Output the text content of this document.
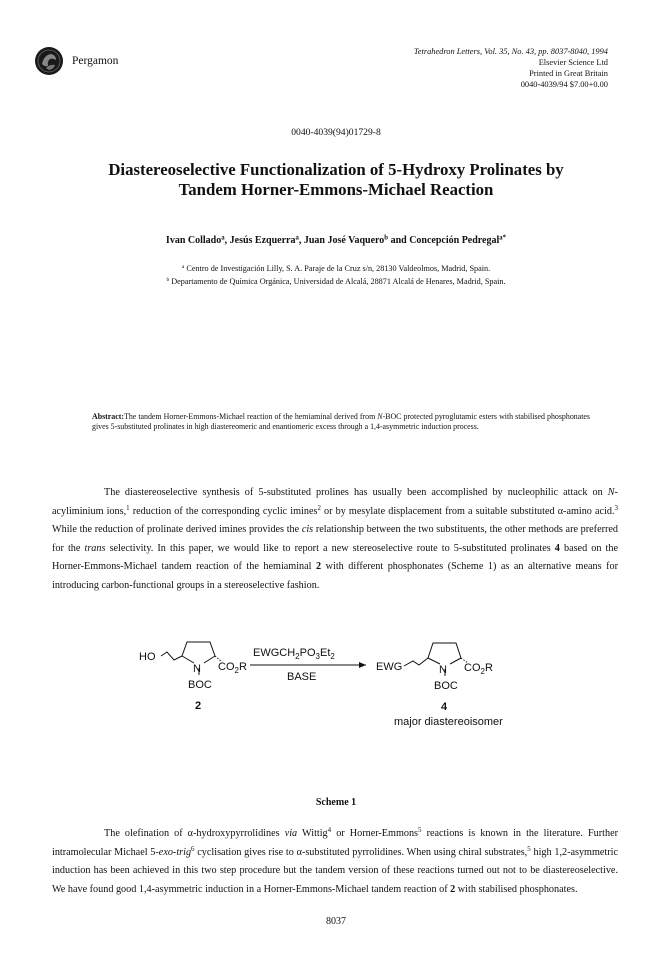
Pergamon
Tetrahedron Letters, Vol. 35, No. 43, pp. 8037-8040, 1994
Elsevier Science Ltd
Printed in Great Britain
0040-4039/94 $7.00+0.00
0040-4039(94)01729-8
Diastereoselective Functionalization of 5-Hydroxy Prolinates by
Tandem Horner-Emmons-Michael Reaction
Ivan Collado$^a$, Jesús Ezquerra$^a$, Juan José Vaquero$^b$ and Concepción Pedregal$^{a*}$
$^a$ Centro de Investigación Lilly, S. A. Paraje de la Cruz s/n, 28130 Valdeolmos, Madrid, Spain.
$^b$ Departamento de Química Orgánica, Universidad de Alcalá, 28871 Alcalá de Henares, Madrid, Spain.
Abstract:The tandem Horner-Emmons-Michael reaction of the hemiaminal derived from N-BOC protected pyroglutamic esters with stabilised phosphonates gives 5-substituted prolinates in high diastereomeric and enantiomeric excess through a 1,4-asymmetric induction process.

The diastereoselective synthesis of 5-substituted prolines has usually been accomplished by nucleophilic attack on N-acyliminium ions,$^1$ reduction of the corresponding cyclic imines$^2$ or by mesylate displacement from a suitable substituted α-amino acid.$^3$ While the reduction of prolinate derived imines provides the cis relationship between the two substituents, the other methods are preferred for the trans selectivity. In this paper, we would like to report a new stereoselective route to 5-substituted prolinates 4 based on the Horner-Emmons-Michael tandem reaction of the hemiaminal 2 with different phosphonates (Scheme 1) as an alternative means for introducing carbon-functional groups in a stereoselective fashion.

HO
N $CO_2R$
BOC
2
$EWGCH_2PO_3Et_2$
BASE
EWG	N $CO_2R$
BOC
4
major diastereoisomer
Scheme 1

The olefination of α-hydroxypyrrolidines via Wittig$^4$ or Horner-Emmons$^5$ reactions is known in the literature. Further intramolecular Michael 5-exo-trig$^6$ cyclisation gives rise to α-substituted pyrrolidines. When using chiral substrates,$^5$ high 1,2-asymmetric induction has been achieved in this two step procedure but the tandem version of these reactions turned out not to be diastereoselective. We have found good 1,4-asymmetric induction in a Horner-Emmons-Michael tandem reaction of 2 with stabilised phosphonates.

8037
